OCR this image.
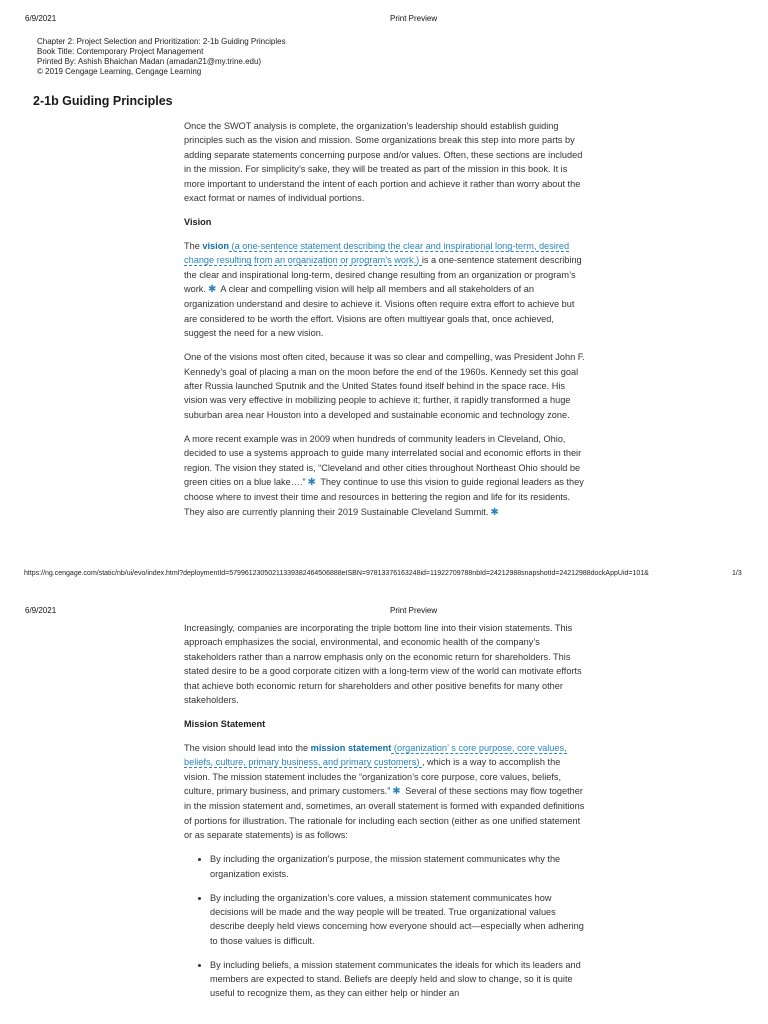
6/9/2021	Print Preview
Chapter 2: Project Selection and Prioritization: 2-1b Guiding Principles
Book Title: Contemporary Project Management
Printed By: Ashish Bhaichan Madan (amadan21@my.trine.edu)
© 2019 Cengage Learning, Cengage Learning
2-1b Guiding Principles

Once the SWOT analysis is complete, the organization’s leadership should establish guiding principles such as the vision and mission. Some organizations break this step into more parts by adding separate statements concerning purpose and/or values. Often, these sections are included in the mission. For simplicity’s sake, they will be treated as part of the mission in this book. It is more important to understand the intent of each portion and achieve it rather than worry about the exact format or names of individual portions.

Vision

The vision (a one-sentence statement describing the clear and inspirational long-term, desired change resulting from an organization or program’s work.) is a one-sentence statement describing the clear and inspirational long-term, desired change resulting from an organization or program’s work. ✱ A clear and compelling vision will help all members and all stakeholders of an organization understand and desire to achieve it. Visions often require extra effort to achieve but are considered to be worth the effort. Visions are often multiyear goals that, once achieved, suggest the need for a new vision.

One of the visions most often cited, because it was so clear and compelling, was President John F. Kennedy’s goal of placing a man on the moon before the end of the 1960s. Kennedy set this goal after Russia launched Sputnik and the United States found itself behind in the space race. His vision was very effective in mobilizing people to achieve it; further, it rapidly transformed a huge suburban area near Houston into a developed and sustainable economic and technology zone.

A more recent example was in 2009 when hundreds of community leaders in Cleveland, Ohio, decided to use a systems approach to guide many interrelated social and economic efforts in their region. The vision they stated is, “Cleveland and other cities throughout Northeast Ohio should be green cities on a blue lake….” ✱ They continue to use this vision to guide regional leaders as they choose where to invest their time and resources in bettering the region and life for its residents. They also are currently planning their 2019 Sustainable Cleveland Summit. ✱

https://ng.cengage.com/static/nb/ui/evo/index.html?deploymentId=57996123050211339382464506888eISBN=97813376163248id=11922709788nbId=24212988snapshotId=24212988dockAppUid=101&	1/3
6/9/2021	Print Preview

Increasingly, companies are incorporating the triple bottom line into their vision statements. This approach emphasizes the social, environmental, and economic health of the company’s stakeholders rather than a narrow emphasis only on the economic return for shareholders. This stated desire to be a good corporate citizen with a long-term view of the world can motivate efforts that achieve both economic return for shareholders and other positive benefits for many other stakeholders.

Mission Statement

The vision should lead into the mission statement (organization’ s core purpose, core values, beliefs, culture, primary business, and primary customers) , which is a way to accomplish the vision. The mission statement includes the “organization’s core purpose, core values, beliefs, culture, primary business, and primary customers.” ✱ Several of these sections may flow together in the mission statement and, sometimes, an overall statement is formed with expanded definitions of portions for illustration. The rationale for including each section (either as one unified statement or as separate statements) is as follows:

• By including the organization’s purpose, the mission statement communicates why the organization exists.
• By including the organization’s core values, a mission statement communicates how decisions will be made and the way people will be treated. True organizational values describe deeply held views concerning how everyone should act—especially when adhering to those values is difficult.
• By including beliefs, a mission statement communicates the ideals for which its leaders and members are expected to stand. Beliefs are deeply held and slow to change, so it is quite useful to recognize them, as they can either help or hinder an
